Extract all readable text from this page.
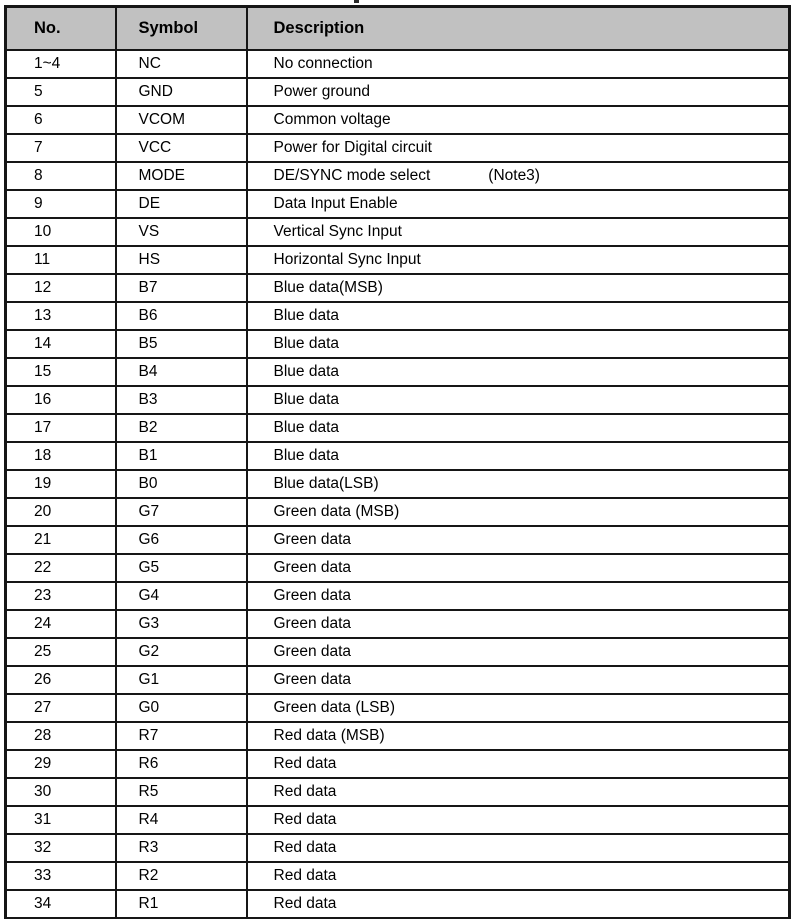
No.	Symbol	Description
1~4	NC	No connection
5	GND	Power ground
6	VCOM	Common voltage
7	VCC	Power for Digital circuit
8	MODE	DE/SYNC mode select (Note3)
9	DE	Data Input Enable
10	VS	Vertical Sync Input
11	HS	Horizontal Sync Input
12	B7	Blue data(MSB)
13	B6	Blue data
14	B5	Blue data
15	B4	Blue data
16	B3	Blue data
17	B2	Blue data
18	B1	Blue data
19	B0	Blue data(LSB)
20	G7	Green data (MSB)
21	G6	Green data
22	G5	Green data
23	G4	Green data
24	G3	Green data
25	G2	Green data
26	G1	Green data
27	G0	Green data (LSB)
28	R7	Red data (MSB)
29	R6	Red data
30	R5	Red data
31	R4	Red data
32	R3	Red data
33	R2	Red data
34	R1	Red data
